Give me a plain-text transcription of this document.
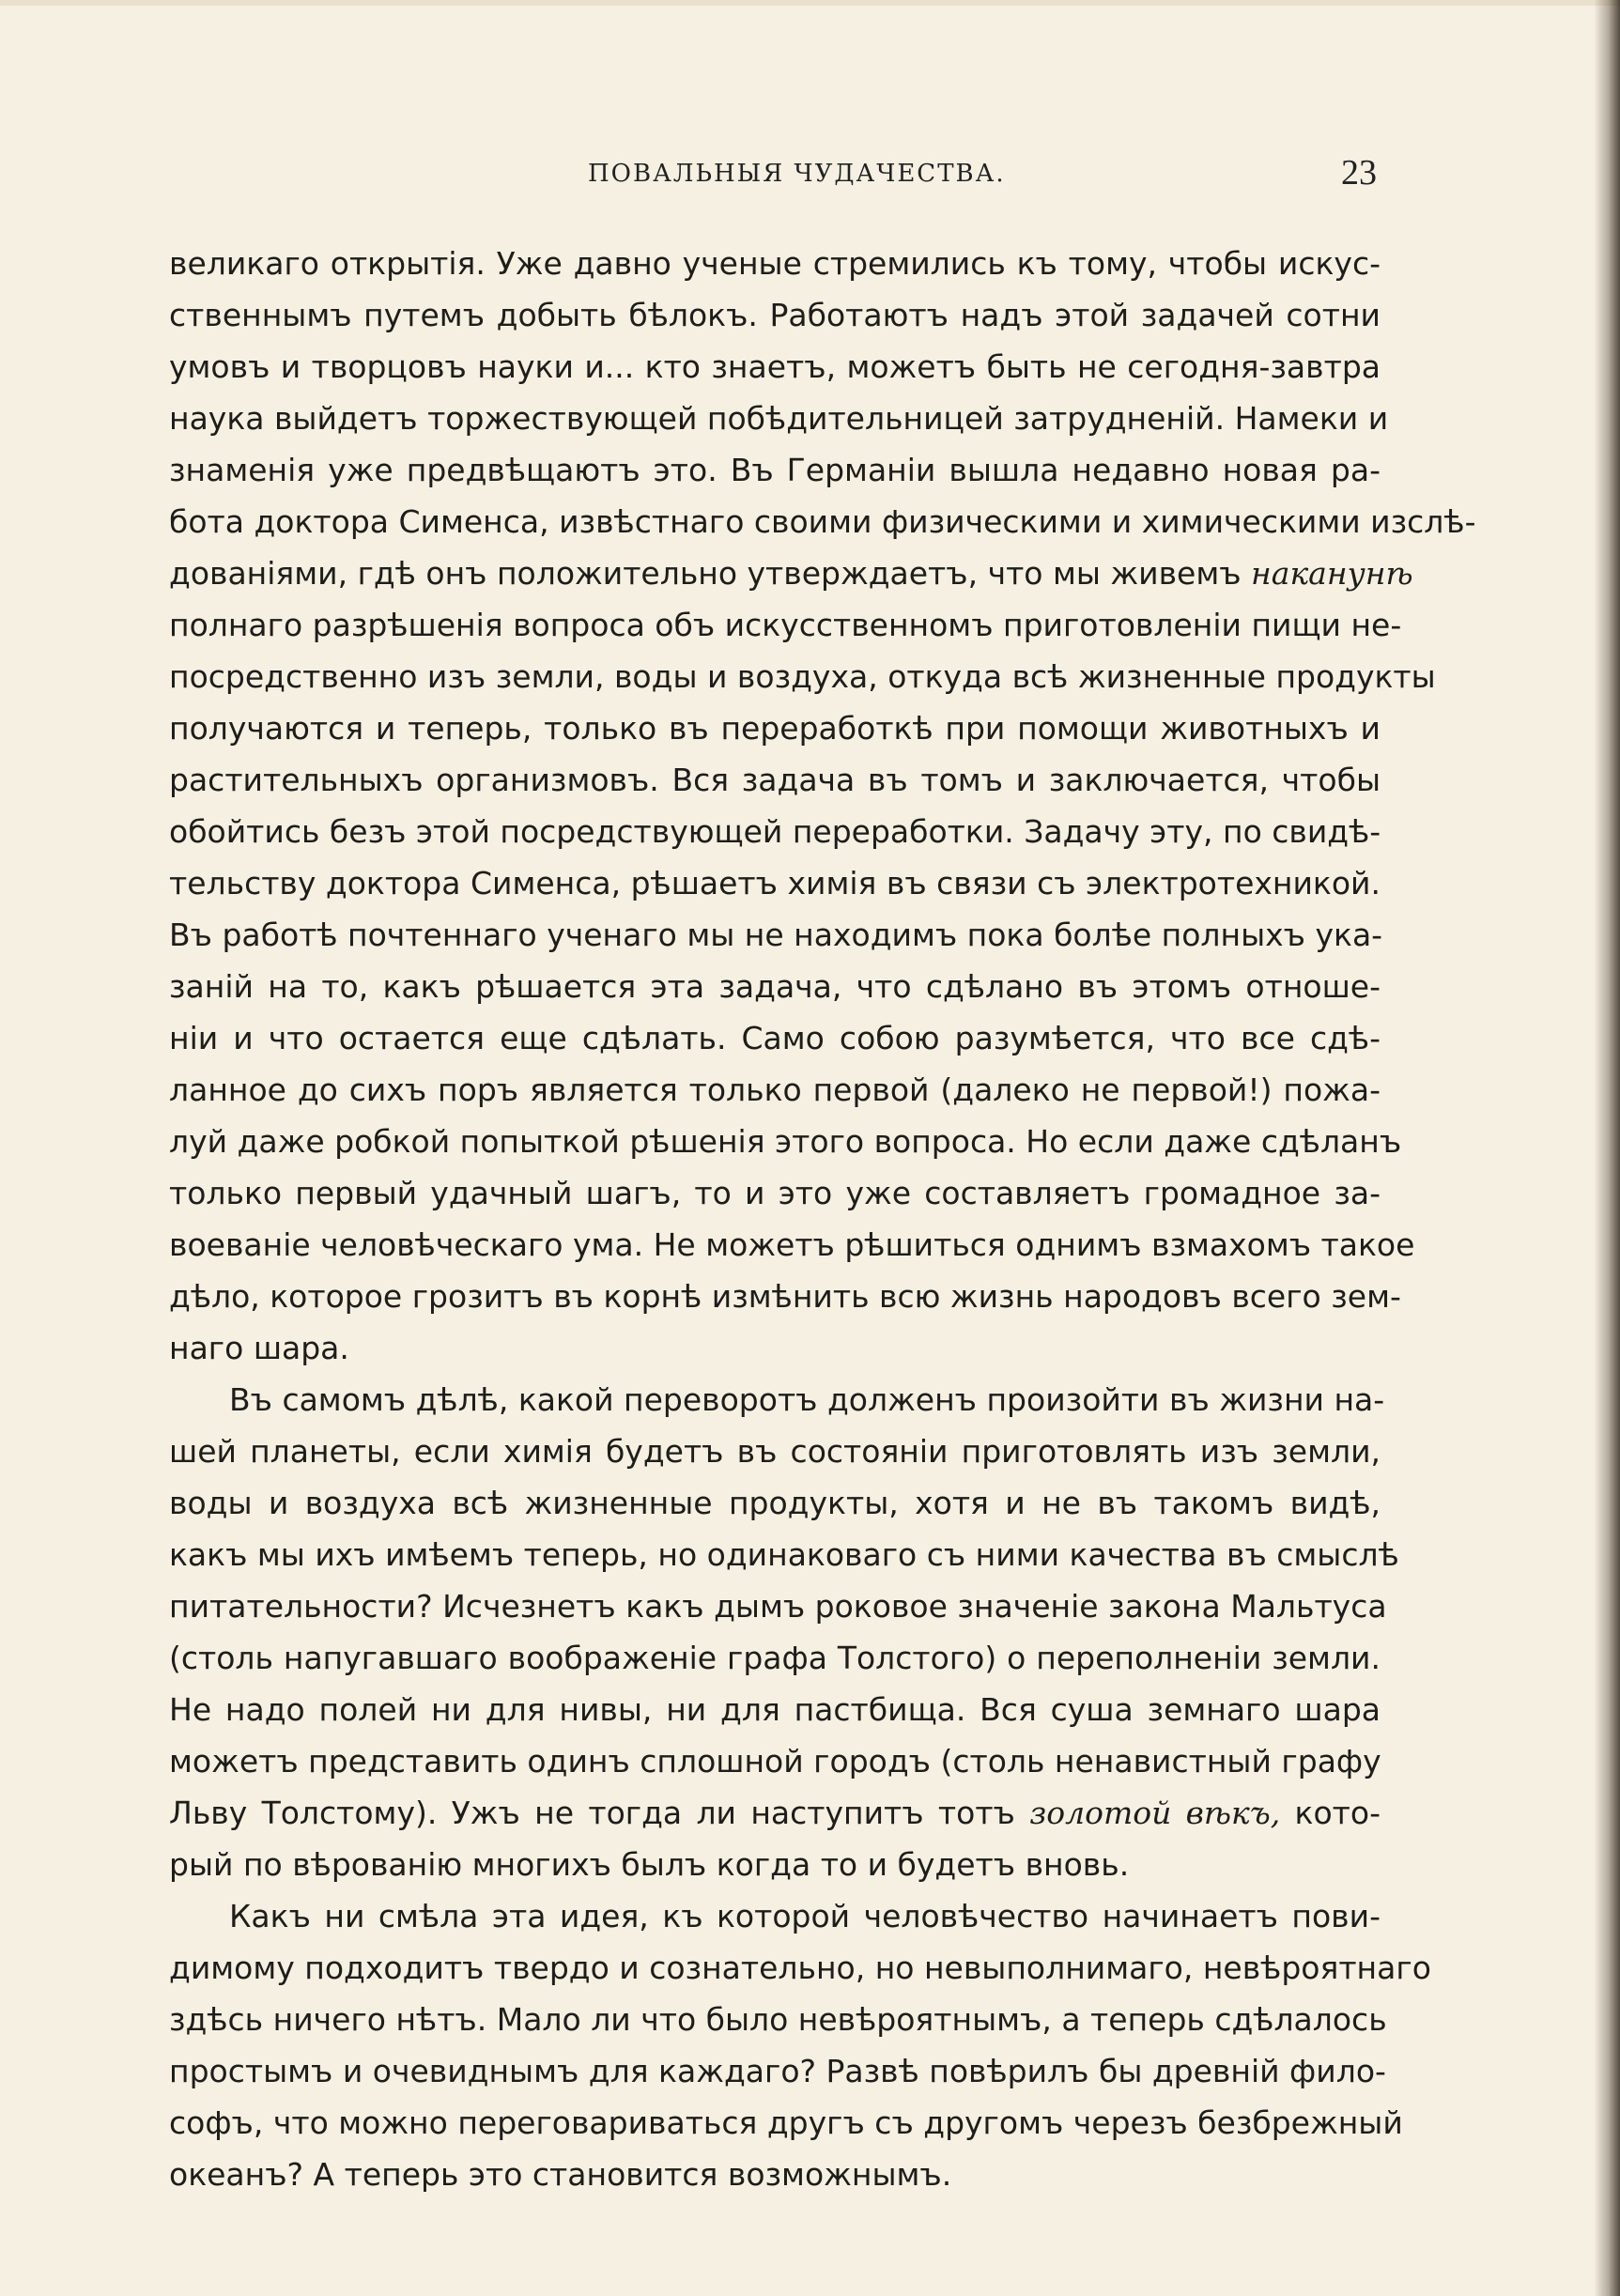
ПОВАЛЬНЫЯ ЧУДАЧЕСТВА.	23
великаго открытія. Уже давно ученые стремились къ тому, чтобы искус-
ственнымъ путемъ добыть бѣлокъ. Работаютъ надъ этой задачей сотни
умовъ и творцовъ науки и... кто знаетъ, можетъ быть не сегодня-завтра
наука выйдетъ торжествующей побѣдительницей затрудненій. Намеки и
знаменія уже предвѣщаютъ это. Въ Германіи вышла недавно новая ра-
бота доктора Сименса, извѣстнаго своими физическими и химическими изслѣ-
дованіями, гдѣ онъ положительно утверждаетъ, что мы живемъ наканунѣ
полнаго разрѣшенія вопроса объ искусственномъ приготовленіи пищи не-
посредственно изъ земли, воды и воздуха, откуда всѣ жизненные продукты
получаются и теперь, только въ переработкѣ при помощи животныхъ и
растительныхъ организмовъ. Вся задача въ томъ и заключается, чтобы
обойтись безъ этой посредствующей переработки. Задачу эту, по свидѣ-
тельству доктора Сименса, рѣшаетъ химія въ связи съ электротехникой.
Въ работѣ почтеннаго ученаго мы не находимъ пока болѣе полныхъ ука-
заній на то, какъ рѣшается эта задача, что сдѣлано въ этомъ отноше-
ніи и что остается еще сдѣлать. Само собою разумѣется, что все сдѣ-
ланное до сихъ поръ является только первой (далеко не первой!) пожа-
луй даже робкой попыткой рѣшенія этого вопроса. Но если даже сдѣланъ
только первый удачный шагъ, то и это уже составляетъ громадное за-
воеваніе человѣческаго ума. Не можетъ рѣшиться однимъ взмахомъ такое
дѣло, которое грозитъ въ корнѣ измѣнить всю жизнь народовъ всего зем-
наго шара.
Въ самомъ дѣлѣ, какой переворотъ долженъ произойти въ жизни на-
шей планеты, если химія будетъ въ состояніи приготовлять изъ земли,
воды и воздуха всѣ жизненные продукты, хотя и не въ такомъ видѣ,
какъ мы ихъ имѣемъ теперь, но одинаковаго съ ними качества въ смыслѣ
питательности? Исчезнетъ какъ дымъ роковое значеніе закона Мальтуса
(столь напугавшаго воображеніе графа Толстого) о переполненіи земли.
Не надо полей ни для нивы, ни для пастбища. Вся суша земнаго шара
можетъ представить одинъ сплошной городъ (столь ненавистный графу
Льву Толстому). Ужъ не тогда ли наступитъ тотъ золотой вѣкъ, кото-
рый по вѣрованію многихъ былъ когда то и будетъ вновь.
Какъ ни смѣла эта идея, къ которой человѣчество начинаетъ пови-
димому подходитъ твердо и сознательно, но невыполнимаго, невѣроятнаго
здѣсь ничего нѣтъ. Мало ли что было невѣроятнымъ, а теперь сдѣлалось
простымъ и очевиднымъ для каждаго? Развѣ повѣрилъ бы древній фило-
софъ, что можно переговариваться другъ съ другомъ черезъ безбрежный
океанъ? А теперь это становится возможнымъ.
